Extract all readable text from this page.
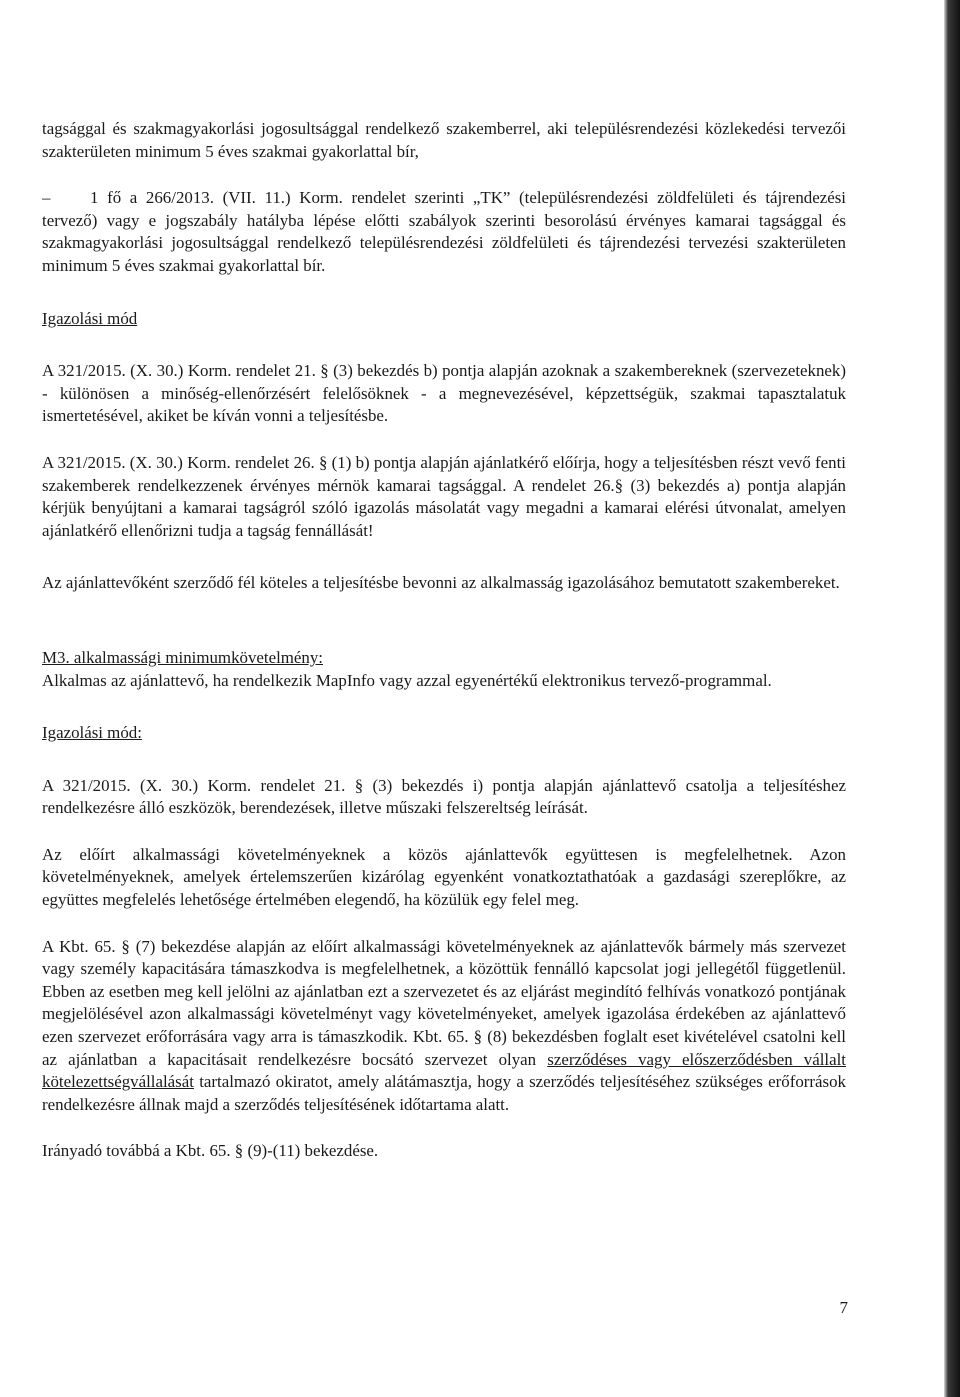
tagsággal és szakmagyakorlási jogosultsággal rendelkező szakemberrel, aki településrendezési közlekedési tervezői szakterületen minimum 5 éves szakmai gyakorlattal bír,

– 1 fő a 266/2013. (VII. 11.) Korm. rendelet szerinti „TK” (településrendezési zöldfelületi és tájrendezési tervező) vagy e jogszabály hatályba lépése előtti szabályok szerinti besorolású érvényes kamarai tagsággal és szakmagyakorlási jogosultsággal rendelkező településrendezési zöldfelületi és tájrendezési tervezési szakterületen minimum 5 éves szakmai gyakorlattal bír.

Igazolási mód

A 321/2015. (X. 30.) Korm. rendelet 21. § (3) bekezdés b) pontja alapján azoknak a szakembereknek (szervezeteknek) - különösen a minőség-ellenőrzésért felelősöknek - a megnevezésével, képzettségük, szakmai tapasztalatuk ismertetésével, akiket be kíván vonni a teljesítésbe.

A 321/2015. (X. 30.) Korm. rendelet 26. § (1) b) pontja alapján ajánlatkérő előírja, hogy a teljesítésben részt vevő fenti szakemberek rendelkezzenek érvényes mérnök kamarai tagsággal. A rendelet 26.§ (3) bekezdés a) pontja alapján kérjük benyújtani a kamarai tagságról szóló igazolás másolatát vagy megadni a kamarai elérési útvonalat, amelyen ajánlatkérő ellenőrizni tudja a tagság fennállását!

Az ajánlattevőként szerződő fél köteles a teljesítésbe bevonni az alkalmasság igazolásához bemutatott szakembereket.

M3. alkalmassági minimumkövetelmény:

Alkalmas az ajánlattevő, ha rendelkezik MapInfo vagy azzal egyenértékű elektronikus tervező-programmal.

Igazolási mód:

A 321/2015. (X. 30.) Korm. rendelet 21. § (3) bekezdés i) pontja alapján ajánlattevő csatolja a teljesítéshez rendelkezésre álló eszközök, berendezések, illetve műszaki felszereltség leírását.

Az előírt alkalmassági követelményeknek a közös ajánlattevők együttesen is megfelelhetnek. Azon követelményeknek, amelyek értelemszerűen kizárólag egyenként vonatkoztathatóak a gazdasági szereplőkre, az együttes megfelelés lehetősége értelmében elegendő, ha közülük egy felel meg.

A Kbt. 65. § (7) bekezdése alapján az előírt alkalmassági követelményeknek az ajánlattevők bármely más szervezet vagy személy kapacitására támaszkodva is megfelelhetnek, a közöttük fennálló kapcsolat jogi jellegétől függetlenül. Ebben az esetben meg kell jelölni az ajánlatban ezt a szervezetet és az eljárást megindító felhívás vonatkozó pontjának megjelölésével azon alkalmassági követelményt vagy követelményeket, amelyek igazolása érdekében az ajánlattevő ezen szervezet erőforrására vagy arra is támaszkodik. Kbt. 65. § (8) bekezdésben foglalt eset kivételével csatolni kell az ajánlatban a kapacitásait rendelkezésre bocsátó szervezet olyan szerződéses vagy előszerződésben vállalt kötelezettségvállalását tartalmazó okiratot, amely alátámasztja, hogy a szerződés teljesítéséhez szükséges erőforrások rendelkezésre állnak majd a szerződés teljesítésének időtartama alatt.

Irányadó továbbá a Kbt. 65. § (9)-(11) bekezdése.

7
